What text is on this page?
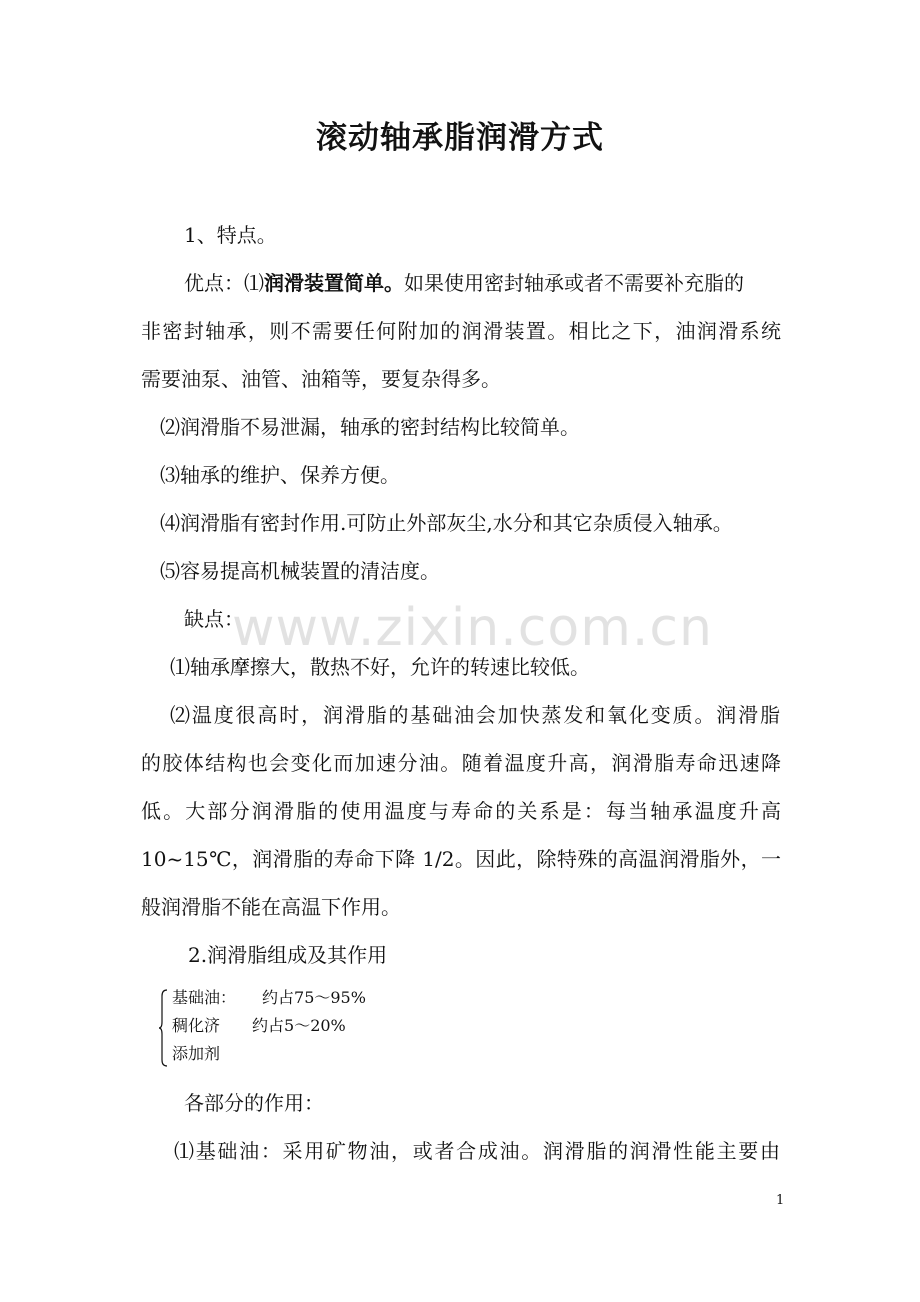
滚动轴承脂润滑方式
1、特点。
优点：⑴润滑装置简单。如果使用密封轴承或者不需要补充脂的
非密封轴承，则不需要任何附加的润滑装置。相比之下，油润滑系统
需要油泵、油管、油箱等，要复杂得多。
⑵润滑脂不易泄漏，轴承的密封结构比较简单。
⑶轴承的维护、保养方便。
⑷润滑脂有密封作用.可防止外部灰尘,水分和其它杂质侵入轴承。
⑸容易提高机械装置的清洁度。
缺点：
⑴轴承摩擦大，散热不好，允许的转速比较低。
⑵温度很高时，润滑脂的基础油会加快蒸发和氧化变质。润滑脂
的胶体结构也会变化而加速分油。随着温度升高，润滑脂寿命迅速降
低。大部分润滑脂的使用温度与寿命的关系是：每当轴承温度升高
10~15℃，润滑脂的寿命下降 1/2。因此，除特殊的高温润滑脂外，一
般润滑脂不能在高温下作用。
2.润滑脂组成及其作用
基础油： 约占75～95%
稠化济 约占5～20%
添加剂
各部分的作用：
⑴基础油：采用矿物油，或者合成油。润滑脂的润滑性能主要由
www.zixin.com.cn
1
